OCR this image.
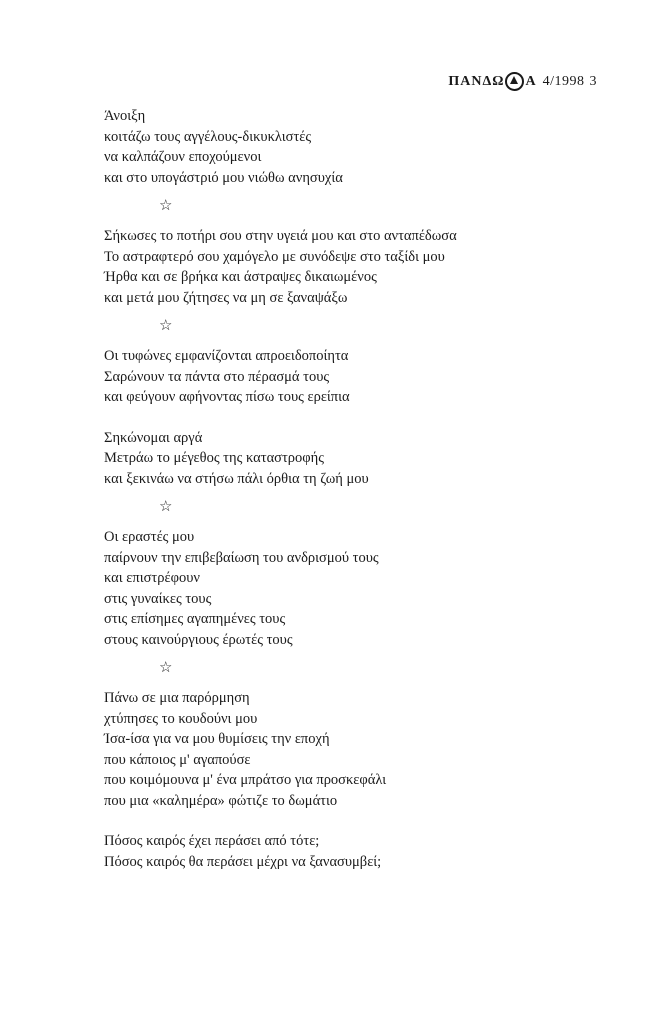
ΠΑΝΔΩ Α 4/1998 3
Άνοιξη
κοιτάζω τους αγγέλους-δικυκλιστές
να καλπάζουν εποχούμενοι
και στο υπογάστριό μου νιώθω ανησυχία
☆
Σήκωσες το ποτήρι σου στην υγειά μου και στο ανταπέδωσα
Το αστραφτερό σου χαμόγελο με συνόδεψε στο ταξίδι μου
Ήρθα και σε βρήκα και άστραψες δικαιωμένος
και μετά μου ζήτησες να μη σε ξαναψάξω
☆
Οι τυφώνες εμφανίζονται απροειδοποίητα
Σαρώνουν τα πάντα στο πέρασμά τους
και φεύγουν αφήνοντας πίσω τους ερείπια
Σηκώνομαι αργά
Μετράω το μέγεθος της καταστροφής
και ξεκινάω να στήσω πάλι όρθια τη ζωή μου
☆
Οι εραστές μου
παίρνουν την επιβεβαίωση του ανδρισμού τους
και επιστρέφουν
στις γυναίκες τους
στις επίσημες αγαπημένες τους
στους καινούργιους έρωτές τους
☆
Πάνω σε μια παρόρμηση
χτύπησες το κουδούνι μου
Ίσα-ίσα για να μου θυμίσεις την εποχή
που κάποιος μ' αγαπούσε
που κοιμόμουνα μ' ένα μπράτσο για προσκεφάλι
που μια «καλημέρα» φώτιζε το δωμάτιο
Πόσος καιρός έχει περάσει από τότε;
Πόσος καιρός θα περάσει μέχρι να ξανασυμβεί;
